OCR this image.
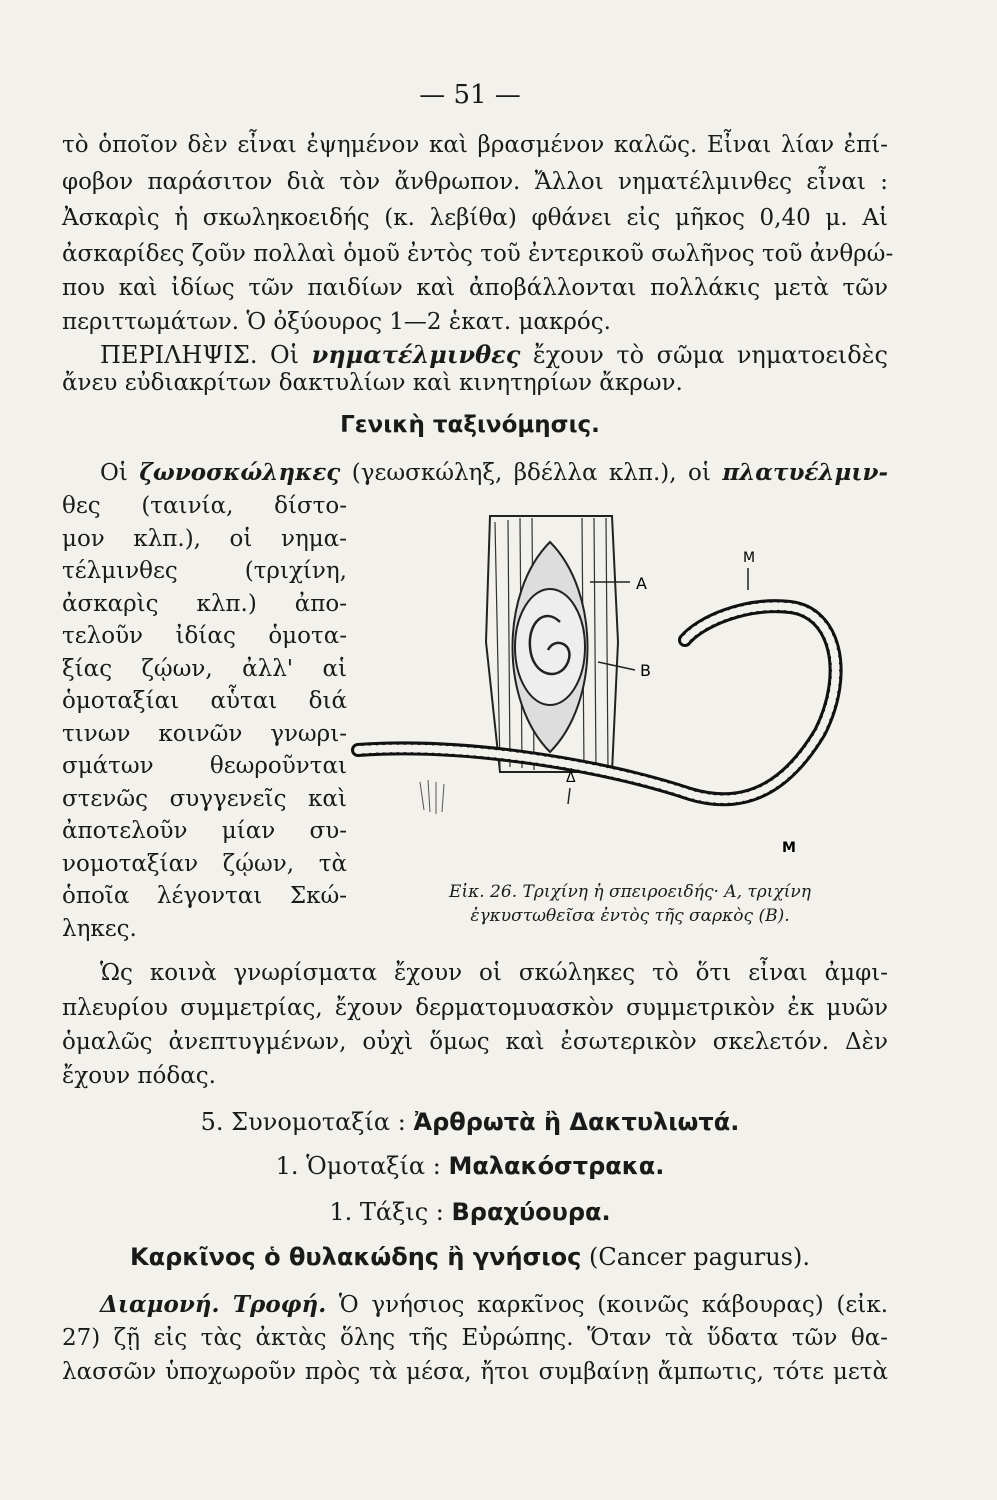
— 51 —
τὸ ὁποῖον δὲν εἶναι ἐψημένον καὶ βρασμένον καλῶς. Εἶναι λίαν ἐπί-
φοβον παράσιτον διὰ τὸν ἄνθρωπον. Ἄλλοι νηματέλμινθες εἶναι :
Ἀσκαρὶς ἡ σκωληκοειδής (κ. λεβίθα) φθάνει εἰς μῆκος 0,40 μ. Αἱ
ἀσκαρίδες ζοῦν πολλαὶ ὁμοῦ ἐντὸς τοῦ ἐντερικοῦ σωλῆνος τοῦ ἀνθρώ-
που καὶ ἰδίως τῶν παιδίων καὶ ἀποβάλλονται πολλάκις μετὰ τῶν
περιττωμάτων. Ὁ ὀξύουρος 1—2 ἑκατ. μακρός.
ΠΕΡΙΛΗΨΙΣ. Οἱ νηματέλμινθες ἔχουν τὸ σῶμα νηματοειδὲς
ἄνευ εὐδιακρίτων δακτυλίων καὶ κινητηρίων ἄκρων.
Γενικὴ ταξινόμησις.
Οἱ ζωνοσκώληκες (γεωσκώληξ, βδέλλα κλπ.), οἱ πλατυέλμιν-
θες (ταινία, δίστο-
μον κλπ.), οἱ νημα-
τέλμινθες (τριχίνη,
ἀσκαρὶς κλπ.) ἀπο-
τελοῦν ἰδίας ὁμοτα-
ξίας ζῴων, ἀλλ' αἱ
ὁμοταξίαι αὗται διά
τινων κοινῶν γνωρι-
σμάτων θεωροῦνται
στενῶς συγγενεῖς καὶ
ἀποτελοῦν μίαν συ-
νομοταξίαν ζῴων, τὰ
ὁποῖα λέγονται Σκώ-
ληκες.
A
B
M
Δ
M
Εἰκ. 26. Τριχίνη ἡ σπειροειδής· Α, τριχίνη
ἐγκυστωθεῖσα ἐντὸς τῆς σαρκὸς (Β).
Ὡς κοινὰ γνωρίσματα ἔχουν οἱ σκώληκες τὸ ὅτι εἶναι ἀμφι-
πλευρίου συμμετρίας, ἔχουν δερματομυασκὸν συμμετρικὸν ἐκ μυῶν
ὁμαλῶς ἀνεπτυγμένων, οὐχὶ ὅμως καὶ ἐσωτερικὸν σκελετόν. Δὲν
ἔχουν πόδας.
5. Συνομοταξία : Ἀρθρωτὰ ἢ Δακτυλιωτά.
1. Ὁμοταξία : Μαλακόστρακα.
1. Τάξις : Βραχύουρα.
Καρκῖνος ὁ θυλακώδης ἢ γνήσιος (Cancer pagurus).
Διαμονή. Τροφή. Ὁ γνήσιος καρκῖνος (κοινῶς κάβουρας) (εἰκ.
27) ζῇ εἰς τὰς ἀκτὰς ὅλης τῆς Εὐρώπης. Ὅταν τὰ ὕδατα τῶν θα-
λασσῶν ὑποχωροῦν πρὸς τὰ μέσα, ἤτοι συμβαίνῃ ἄμπωτις, τότε μετὰ
